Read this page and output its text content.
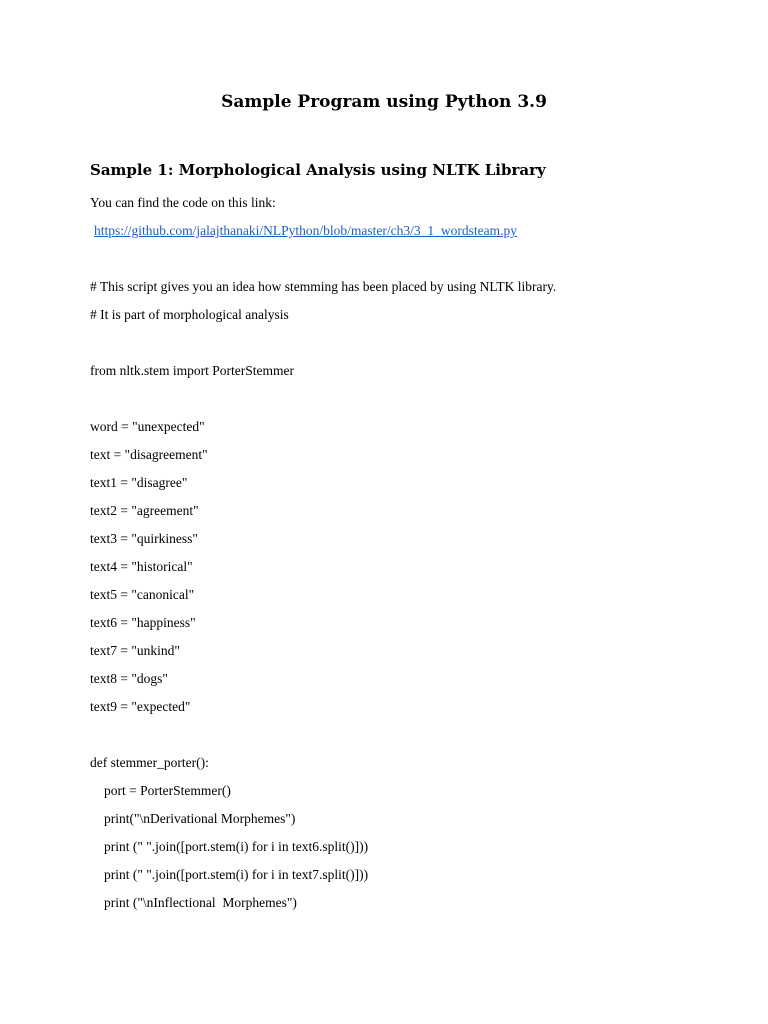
Sample Program using Python 3.9
Sample 1: Morphological Analysis using NLTK Library

You can find the code on this link:

https://github.com/jalajthanaki/NLPython/blob/master/ch3/3_1_wordsteam.py

# This script gives you an idea how stemming has been placed by using NLTK library.

# It is part of morphological analysis

from nltk.stem import PorterStemmer

word = "unexpected"

text = "disagreement"

text1 = "disagree"

text2 = "agreement"

text3 = "quirkiness"

text4 = "historical"

text5 = "canonical"

text6 = "happiness"

text7 = "unkind"

text8 = "dogs"

text9 = "expected"

def stemmer_porter():

port = PorterStemmer()

print("\nDerivational Morphemes")

print (" ".join([port.stem(i) for i in text6.split()]))

print (" ".join([port.stem(i) for i in text7.split()]))

print ("\nInflectional  Morphemes")
